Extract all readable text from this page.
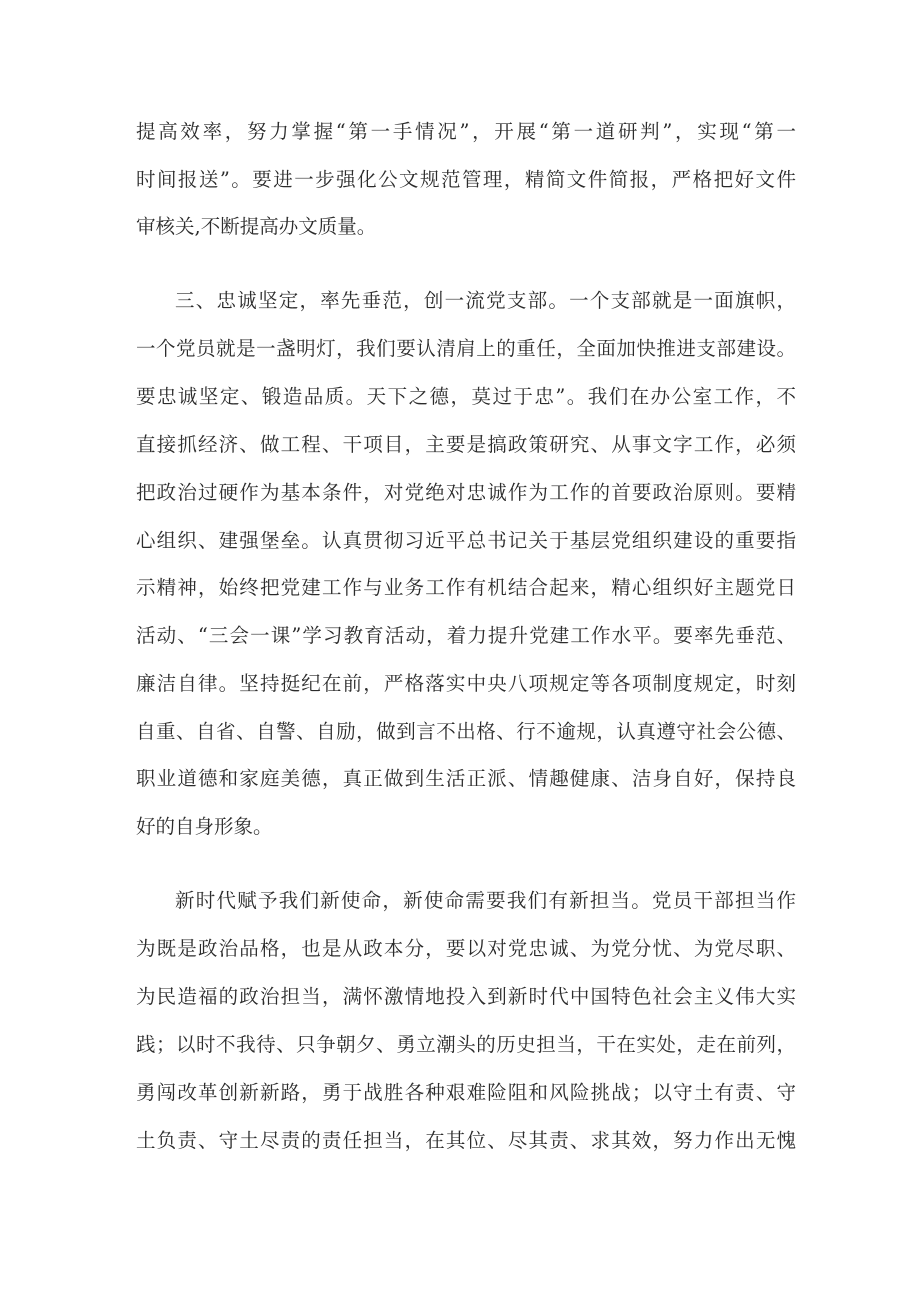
提高效率，努力掌握“第一手情况”，开展“第一道研判”，实现“第一
时间报送”。要进一步强化公文规范管理，精简文件简报，严格把好文件
审核关,不断提高办文质量。
三、忠诚坚定，率先垂范，创一流党支部。一个支部就是一面旗帜，
一个党员就是一盏明灯，我们要认清肩上的重任，全面加快推进支部建设。
要忠诚坚定、锻造品质。天下之德，莫过于忠”。我们在办公室工作，不
直接抓经济、做工程、干项目，主要是搞政策研究、从事文字工作，必须
把政治过硬作为基本条件，对党绝对忠诚作为工作的首要政治原则。要精
心组织、建强堡垒。认真贯彻习近平总书记关于基层党组织建设的重要指
示精神，始终把党建工作与业务工作有机结合起来，精心组织好主题党日
活动、“三会一课”学习教育活动，着力提升党建工作水平。要率先垂范、
廉洁自律。坚持挺纪在前，严格落实中央八项规定等各项制度规定，时刻
自重、自省、自警、自励，做到言不出格、行不逾规，认真遵守社会公德、
职业道德和家庭美德，真正做到生活正派、情趣健康、洁身自好，保持良
好的自身形象。
新时代赋予我们新使命，新使命需要我们有新担当。党员干部担当作
为既是政治品格，也是从政本分，要以对党忠诚、为党分忧、为党尽职、
为民造福的政治担当，满怀激情地投入到新时代中国特色社会主义伟大实
践；以时不我待、只争朝夕、勇立潮头的历史担当，干在实处，走在前列，
勇闯改革创新新路，勇于战胜各种艰难险阻和风险挑战；以守土有责、守
土负责、守土尽责的责任担当，在其位、尽其责、求其效，努力作出无愧
